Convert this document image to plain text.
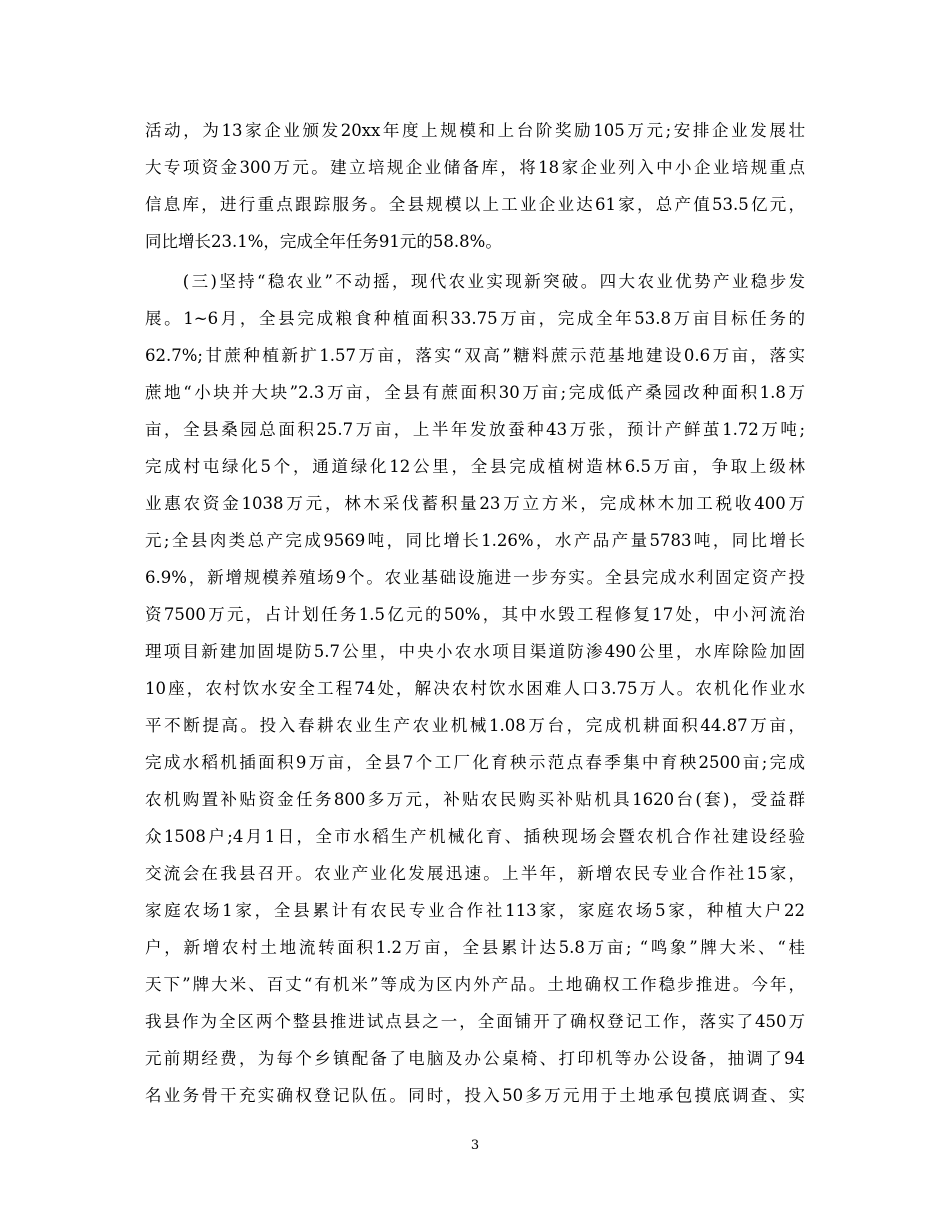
活动，为13家企业颁发20xx年度上规模和上台阶奖励105万元;安排企业发展壮
大专项资金300万元。建立培规企业储备库，将18家企业列入中小企业培规重点
信息库，进行重点跟踪服务。全县规模以上工业企业达61家，总产值53.5亿元，
同比增长23.1%，完成全年任务91元的58.8%。
　　(三)坚持“稳农业”不动摇，现代农业实现新突破。四大农业优势产业稳步发
展。1~6月，全县完成粮食种植面积33.75万亩，完成全年53.8万亩目标任务的
62.7%;甘蔗种植新扩1.57万亩，落实“双高”糖料蔗示范基地建设0.6万亩，落实
蔗地“小块并大块”2.3万亩，全县有蔗面积30万亩;完成低产桑园改种面积1.8万
亩，全县桑园总面积25.7万亩，上半年发放蚕种43万张，预计产鲜茧1.72万吨;
完成村屯绿化5个，通道绿化12公里，全县完成植树造林6.5万亩，争取上级林
业惠农资金1038万元，林木采伐蓄积量23万立方米，完成林木加工税收400万
元;全县肉类总产完成9569吨，同比增长1.26%，水产品产量5783吨，同比增长
6.9%，新增规模养殖场9个。农业基础设施进一步夯实。全县完成水利固定资产投
资7500万元，占计划任务1.5亿元的50%，其中水毁工程修复17处，中小河流治
理项目新建加固堤防5.7公里，中央小农水项目渠道防渗490公里，水库除险加固
10座，农村饮水安全工程74处，解决农村饮水困难人口3.75万人。农机化作业水
平不断提高。投入春耕农业生产农业机械1.08万台，完成机耕面积44.87万亩，
完成水稻机插面积9万亩，全县7个工厂化育秧示范点春季集中育秧2500亩;完成
农机购置补贴资金任务800多万元，补贴农民购买补贴机具1620台(套)，受益群
众1508户;4月1日，全市水稻生产机械化育、插秧现场会暨农机合作社建设经验
交流会在我县召开。农业产业化发展迅速。上半年，新增农民专业合作社15家，
家庭农场1家，全县累计有农民专业合作社113家，家庭农场5家，种植大户22
户，新增农村土地流转面积1.2万亩，全县累计达5.8万亩; “鸣象”牌大米、“桂
天下”牌大米、百丈“有机米”等成为区内外产品。土地确权工作稳步推进。今年，
我县作为全区两个整县推进试点县之一，全面铺开了确权登记工作，落实了450万
元前期经费，为每个乡镇配备了电脑及办公桌椅、打印机等办公设备，抽调了94
名业务骨干充实确权登记队伍。同时，投入50多万元用于土地承包摸底调查、实
3
